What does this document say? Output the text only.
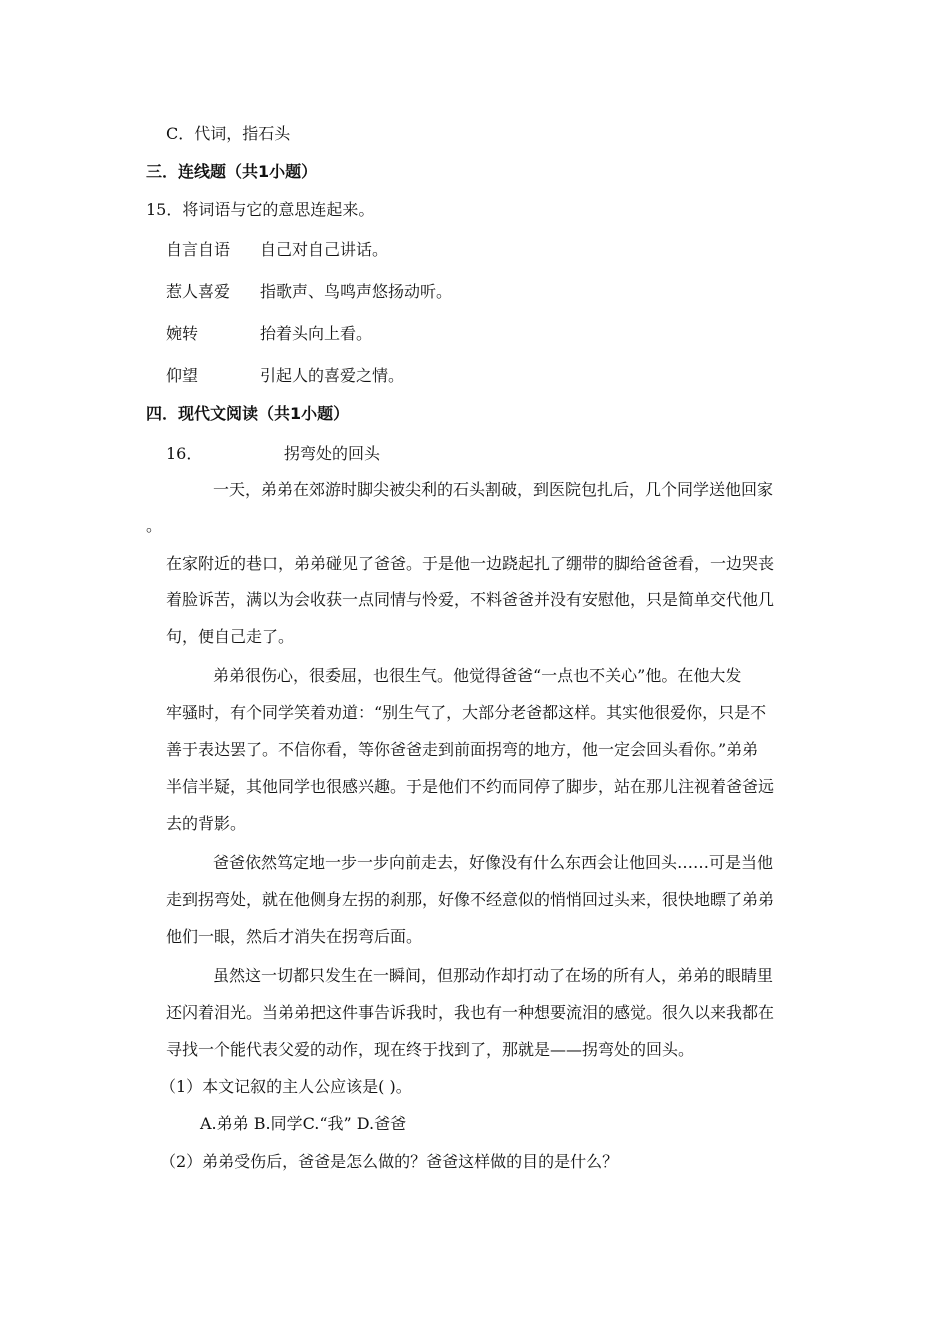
C．代词，指石头
三．连线题（共1小题）
15．将词语与它的意思连起来。
自言自语 自己对自己讲话。
惹人喜爱 指歌声、鸟鸣声悠扬动听。
婉转	抬着头向上看。
仰望	引起人的喜爱之情。
四．现代文阅读（共1小题）
16．	拐弯处的回头
一天，弟弟在郊游时脚尖被尖利的石头割破，到医院包扎后，几个同学送他回家
。
在家附近的巷口，弟弟碰见了爸爸。于是他一边跷起扎了绷带的脚给爸爸看，一边哭丧
着脸诉苦，满以为会收获一点同情与怜爱，不料爸爸并没有安慰他，只是简单交代他几
句，便自己走了。
弟弟很伤心，很委屈，也很生气。他觉得爸爸“一点也不关心”他。在他大发
牢骚时，有个同学笑着劝道：“别生气了，大部分老爸都这样。其实他很爱你，只是不
善于表达罢了。不信你看，等你爸爸走到前面拐弯的地方，他一定会回头看你。”弟弟
半信半疑，其他同学也很感兴趣。于是他们不约而同停了脚步，站在那儿注视着爸爸远
去的背影。
爸爸依然笃定地一步一步向前走去，好像没有什么东西会让他回头……可是当他
走到拐弯处，就在他侧身左拐的刹那，好像不经意似的悄悄回过头来，很快地瞟了弟弟
他们一眼，然后才消失在拐弯后面。
虽然这一切都只发生在一瞬间，但那动作却打动了在场的所有人，弟弟的眼睛里
还闪着泪光。当弟弟把这件事告诉我时，我也有一种想要流泪的感觉。很久以来我都在
寻找一个能代表父爱的动作，现在终于找到了，那就是——拐弯处的回头。
（1）本文记叙的主人公应该是( )。
A.弟弟 B.同学C.“我” D.爸爸
（2）弟弟受伤后，爸爸是怎么做的？爸爸这样做的目的是什么？
